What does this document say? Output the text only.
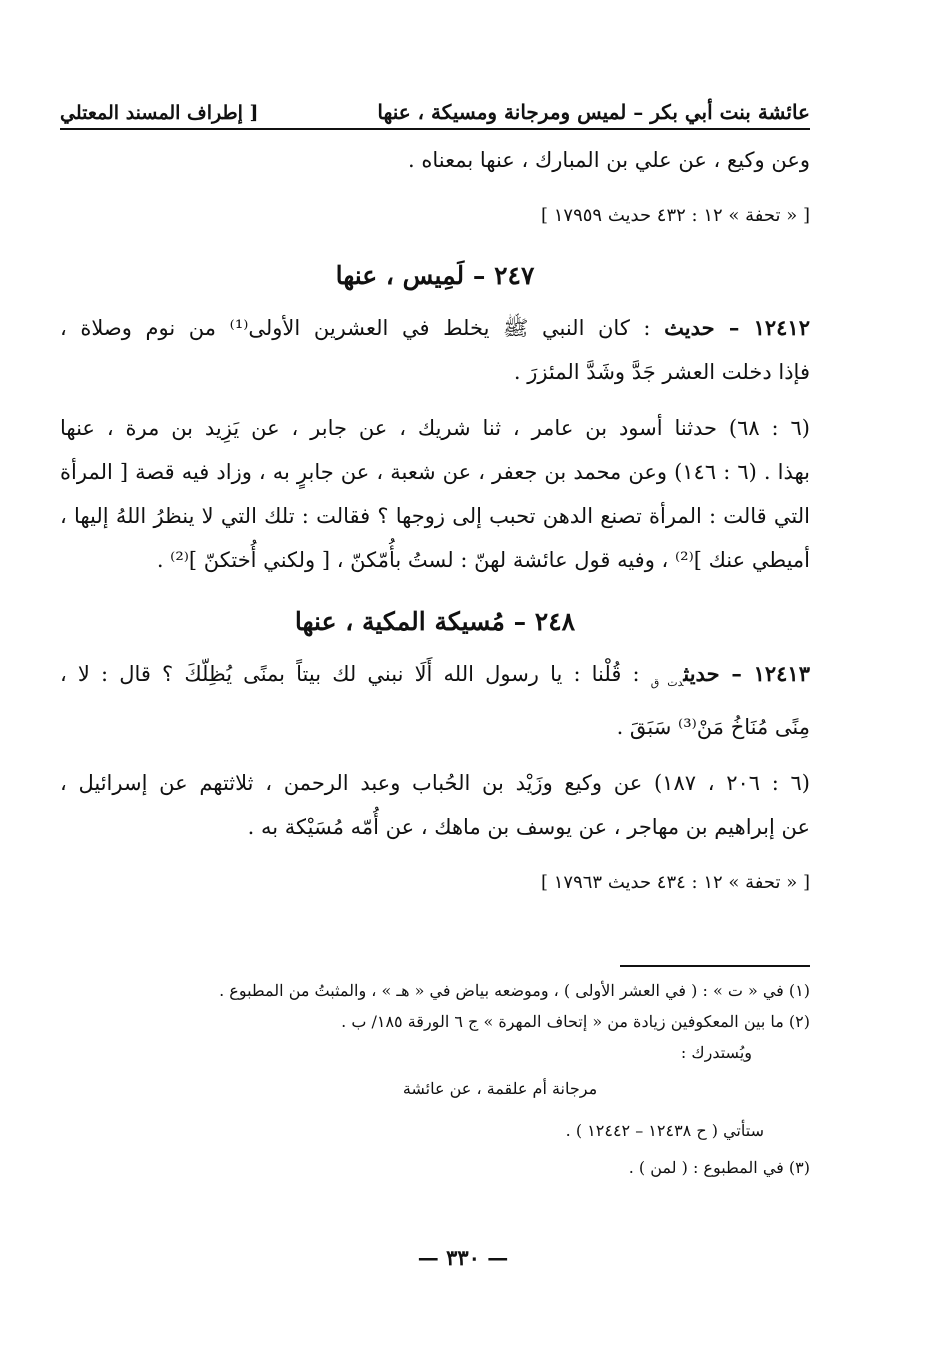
عائشة بنت أبي بكر – لميس ومرجانة ومسيكة ، عنها
[ إطراف المسند المعتلي
وعن وكيع ، عن علي بن المبارك ، عنها بمعناه .
[ « تحفة » ١٢ : ٤٣٢ حديث ١٧٩٥٩ ]
٢٤٧ – لَمِيس ، عنها
١٢٤١٢ – حديث : كان النبي ﷺ يخلط في العشرين الأولى⁽¹⁾ من نوم وصلاة ،
فإذا دخلت العشر جَدَّ وشَدَّ المئزرَ .
(٦ : ٦٨) حدثنا أسود بن عامر ، ثنا شريك ، عن جابر ، عن يَزِيد بن مرة ، عنها
بهذا . (٦ : ١٤٦) وعن محمد بن جعفر ، عن شعبة ، عن جابرٍ به ، وزاد فيه قصة [ المرأة
التي قالت : المرأة تصنع الدهن تحبب إلى زوجها ؟ فقالت : تلك التي لا ينظرُ اللهُ إليها ،
أميطي عنك ]⁽²⁾ ، وفيه قول عائشة لهنّ : لستُ بأُمّكنّ ، [ ولكني أُختكنّ ]⁽²⁾ .
٢٤٨ – مُسيكة المكية ، عنها
١٢٤١٣ – حديث$_{دت ق}$ : قُلْنا : يا رسول الله أَلَا نبني لك بيتاً بمنًى يُظِلّكَ ؟ قال : لا ،
مِنًى مُنَاخُ مَنْ⁽³⁾ سَبَقَ .
(٦ : ٢٠٦ ، ١٨٧) عن وكيع وزَيْد بن الحُباب وعبد الرحمن ، ثلاثتهم عن إسرائيل ،
عن إبراهيم بن مهاجر ، عن يوسف بن ماهك ، عن أُمّه مُسَيْكة به .
[ « تحفة » ١٢ : ٤٣٤ حديث ١٧٩٦٣ ]
(١) في « ت » : ( في العشر الأولى ) ، وموضعه بياض في « هـ » ، والمثبتُ من المطبوع .
(٢) ما بين المعكوفين زيادة من « إتحاف المهرة » ج ٦ الورقة ١٨٥/ ب .
ويُستدرك :
مرجانة أم علقمة ، عن عائشة
ستأتي ( ح ١٢٤٣٨ – ١٢٤٤٢ ) .
(٣) في المطبوع : ( لمن ) .
— ٣٣٠ —
